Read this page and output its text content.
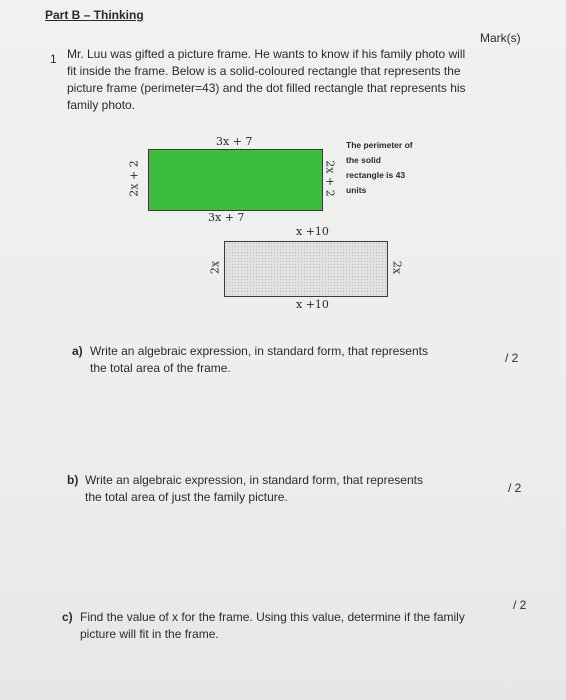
Part B – Thinking
Mark(s)
1 Mr. Luu was gifted a picture frame. He wants to know if his family photo will fit inside the frame. Below is a solid-coloured rectangle that represents the picture frame (perimeter=43) and the dot filled rectangle that represents his family photo.
3x + 7
2x + 2	2x + 2
3x + 7
The perimeter of the solid rectangle is 43 units
x +10
2x	2x
x +10
a) Write an algebraic expression, in standard form, that represents the total area of the frame.
/ 2
b) Write an algebraic expression, in standard form, that represents the total area of just the family picture.
/ 2
c) Find the value of x for the frame. Using this value, determine if the family picture will fit in the frame.
/ 2
